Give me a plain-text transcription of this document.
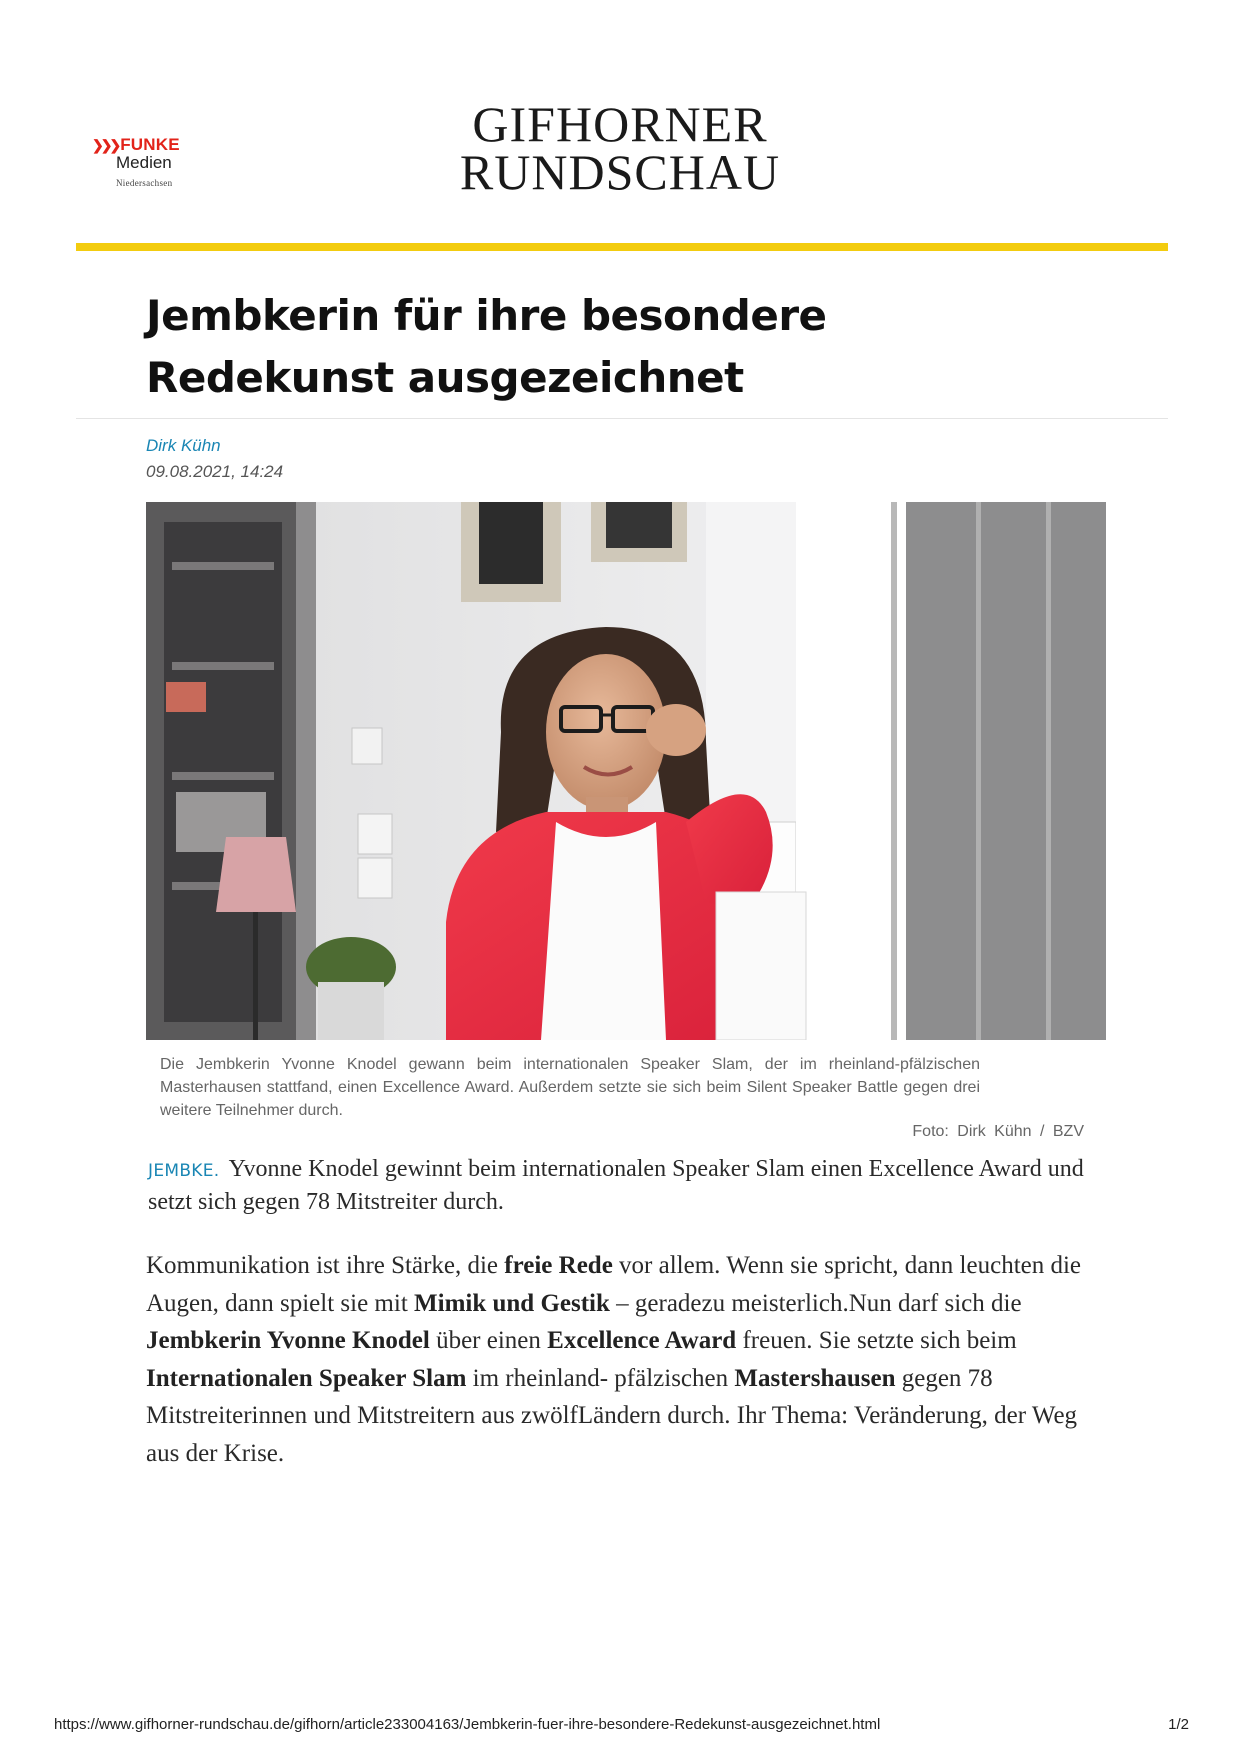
❯❯❯ FUNKE
Medien
Niedersachsen
GIFHORNER
RUNDSCHAU
Jembkerin für ihre besondere Redekunst ausgezeichnet
Dirk Kühn
09.08.2021, 14:24

Die Jembkerin Yvonne Knodel gewann beim internationalen Speaker Slam, der im rheinland-pfälzischen Masterhausen stattfand, einen Excellence Award. Außerdem setzte sie sich beim Silent Speaker Battle gegen drei weitere Teilnehmer durch.

Foto: Dirk Kühn / BZV

JEMBKE. Yvonne Knodel gewinnt beim internationalen Speaker Slam einen Excellence Award und setzt sich gegen 78 Mitstreiter durch.

Kommunikation ist ihre Stärke, die freie Rede vor allem. Wenn sie spricht, dann leuchten die Augen, dann spielt sie mit Mimik und Gestik – geradezu meisterlich.Nun darf sich die Jembkerin Yvonne Knodel über einen Excellence Award freuen. Sie setzte sich beim Internationalen Speaker Slam im rheinland- pfälzischen Mastershausen gegen 78 Mitstreiterinnen und Mitstreitern aus zwölfLändern durch. Ihr Thema: Veränderung, der Weg aus der Krise.

https://www.gifhorner-rundschau.de/gifhorn/article233004163/Jembkerin-fuer-ihre-besondere-Redekunst-ausgezeichnet.html	1/2
